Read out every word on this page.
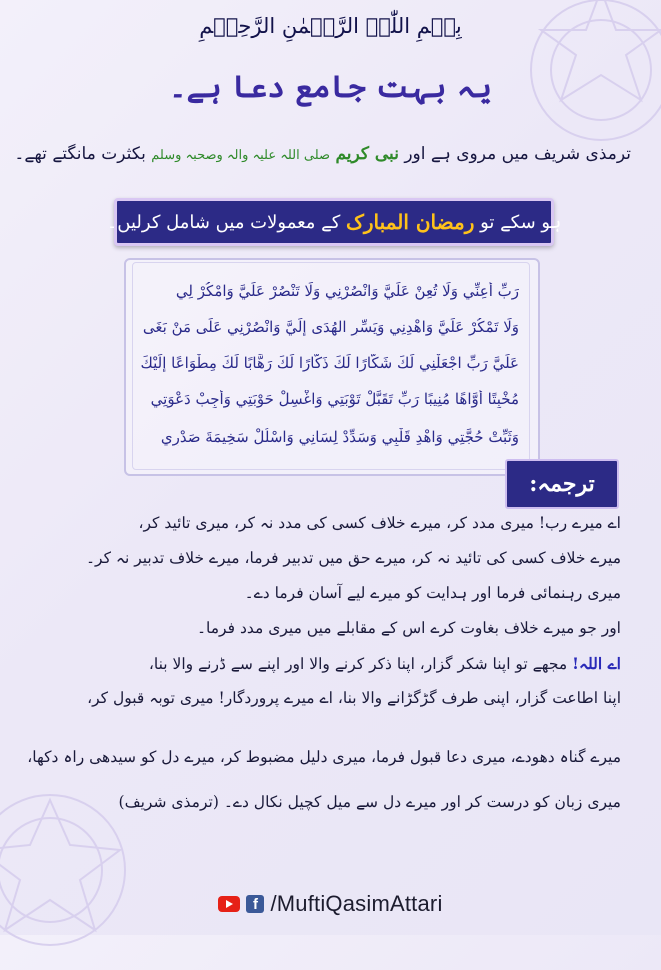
بِسۡمِ اللّٰہِ الرَّحۡمٰنِ الرَّحِیۡمِ
یہ بہت جامع دعا ہے۔
ترمذی شریف میں مروی ہے اور نبی کریم صلی اللہ علیہ والہ وصحبہ وسلم بکثرت مانگتے تھے۔
ہو سکے تو

رمضان المبارک

کے معمولات میں شامل کرلیں۔
رَبِّ أَعِنِّي وَلَا تُعِنْ عَلَيَّ وَانْصُرْنِي وَلَا تَنْصُرْ عَلَيَّ وَامْكُرْ لِي
وَلَا تَمْكُرْ عَلَيَّ وَاهْدِنِي وَيَسِّرِ الهُدَى إِلَيَّ وَانْصُرْنِي عَلَى مَنْ بَغَى
عَلَيَّ رَبِّ اجْعَلْنِي لَكَ شَكَّارًا لَكَ ذَكَّارًا لَكَ رَهَّابًا لَكَ مِطْوَاعًا إِلَيْكَ
مُخْبِتًا أَوَّاهًا مُنِيبًا رَبِّ تَقَبَّلْ تَوْبَتِي وَاغْسِلْ حَوْبَتِي وَأَجِبْ دَعْوَتِي
وَثَبِّتْ حُجَّتِي وَاهْدِ قَلْبِي وَسَدِّدْ لِسَانِي وَاسْلُلْ سَخِيمَةَ صَدْرِي
ترجمہ:
اے میرے رب! میری مدد کر، میرے خلاف کسی کی مدد نہ کر، میری تائید کر،
میرے خلاف کسی کی تائید نہ کر، میرے حق میں تدبیر فرما، میرے خلاف تدبیر نہ کر۔
میری رہنمائی فرما اور ہدایت کو میرے لیے آسان فرما دے۔
اور جو میرے خلاف بغاوت کرے اس کے مقابلے میں میری مدد فرما۔
اے اللہ! مجھے تو اپنا شکر گزار، اپنا ذکر کرنے والا اور اپنے سے ڈرنے والا بنا،
اپنا اطاعت گزار، اپنی طرف گڑگڑانے والا بنا، اے میرے پروردگار! میری توبہ قبول کر،
میرے گناہ دھودے، میری دعا قبول فرما، میری دلیل مضبوط کر، میرے دل کو سیدھی راہ دکھا،
میری زبان کو درست کر اور میرے دل سے میل کچیل نکال دے۔ (ترمذی شریف)
f /MuftiQasimAttari
